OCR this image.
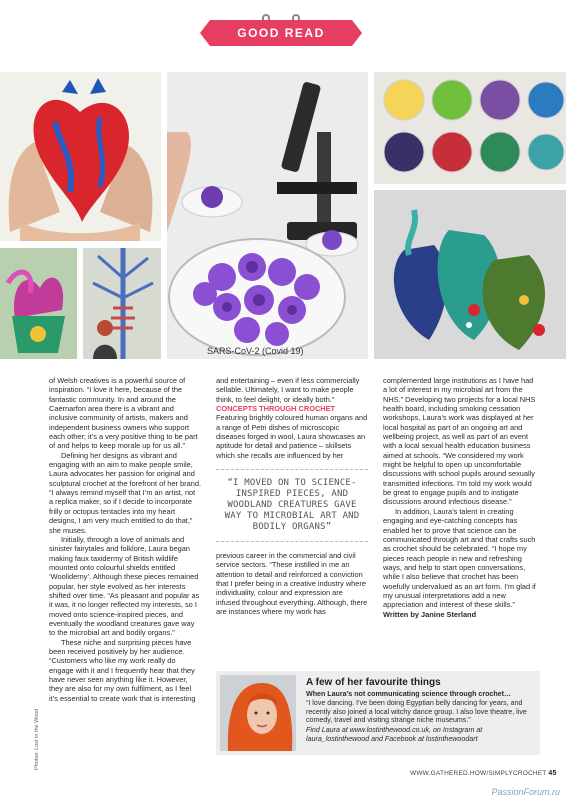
GOOD READ
SARS-CoV-2 (Covid 19)

of Welsh creatives is a powerful source of inspiration. “I love it here, because of the fantastic community. In and around the Caernarfon area there is a vibrant and inclusive community of artists, makers and independent business owners who support each other; it’s a very positive thing to be part of and helps to keep morale up for us all.”

Defining her designs as vibrant and engaging with an aim to make people smile, Laura advocates her passion for original and sculptural crochet at the forefront of her brand. “I always remind myself that I’m an artist, not a replica maker, so if I decide to incorporate frilly or octopus tentacles into my heart designs, I am very much entitled to do that,” she muses.

Initially, through a love of animals and sinister fairytales and folklore, Laura began making faux taxidermy of British wildlife mounted onto colourful shields entitled ‘Wooliderny’. Although these pieces remained popular, her style evolved as her interests shifted over time. “As pleasant and popular as it was, it no longer reflected my interests, so I moved onto science-inspired pieces, and eventually the woodland creatures gave way to the microbial art and bodily organs.”

These niche and surprising pieces have been received positively by her audience. “Customers who like my work really do engage with it and I frequently hear that they have never seen anything like it. However, they are also for my own fulfilment, as I feel it’s essential to create work that is interesting

and entertaining – even if less commercially sellable. Ultimately, I want to make people think, to feel delight, or ideally both.”

CONCEPTS THROUGH CROCHET

Featuring brightly coloured human organs and a range of Petri dishes of microscopic diseases forged in wool, Laura showcases an aptitude for detail and patience – skillsets which she recalls are influenced by her

“I MOVED ON TO SCIENCE-INSPIRED PIECES, AND WOODLAND CREATURES GAVE WAY TO MICROBIAL ART AND BODILY ORGANS”

previous career in the commercial and civil service sectors. “These instilled in me an attention to detail and reinforced a conviction that I prefer being in a creative industry where individuality, colour and expression are infused throughout everything. Although, there are instances where my work has

complemented large institutions as I have had a lot of interest in my microbial art from the NHS.” Developing two projects for a local NHS health board, including smoking cessation workshops, Laura’s work was displayed at her local hospital as part of an ongoing art and wellbeing project, as well as part of an event with a local sexual health education business aimed at schools. “We considered my work might be helpful to open up uncomfortable discussions with school pupils around sexually transmitted infections. I’m told my work would be great to engage pupils and to instigate discussions around infectious disease.”

In addition, Laura’s talent in creating engaging and eye-catching concepts has enabled her to prove that science can be communicated through art and that crafts such as crochet should be celebrated. “I hope my pieces reach people in new and refreshing ways, and help to start open conversations, while I also believe that crochet has been woefully undervalued as an art form. I’m glad if my unusual interpretations add a new appreciation and interest of these skills.”

Written by Janine Sterland

Photos: Lost in the Wood
A few of her favourite things
When Laura’s not communicating science through crochet…
“I love dancing. I’ve been doing Egyptian belly dancing for years, and recently also joined a local witchy dance group. I also love theatre, live comedy, travel and visiting strange niche museums.”
Find Laura at www.lostinthewood.co.uk, on Instagram at laura_lostinthewood and Facebook at lostinthewoodart
WWW.GATHERED.HOW/SIMPLYCROCHET 45
PassionForum.ru
